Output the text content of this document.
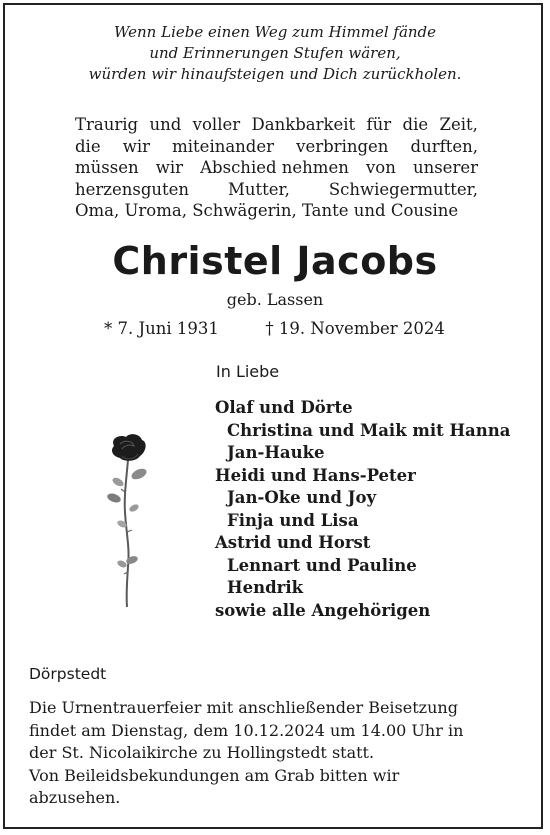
Wenn Liebe einen Weg zum Himmel fände
und Erinnerungen Stufen wären,
würden wir hinaufsteigen und Dich zurückholen.
Traurig und voller Dankbarkeit für die Zeit,
die wir miteinander verbringen durften,
müssen wir Abschied nehmen von unserer
herzensguten Mutter, Schwiegermutter,
Oma, Uroma, Schwägerin, Tante und Cousine
Christel Jacobs
geb. Lassen
* 7. Juni 1931	† 19. November 2024
In Liebe
Olaf und Dörte
Christina und Maik mit Hanna
Jan-Hauke
Heidi und Hans-Peter
Jan-Oke und Joy
Finja und Lisa
Astrid und Horst
Lennart und Pauline
Hendrik
sowie alle Angehörigen
Dörpstedt
Die Urnentrauerfeier mit anschließender Beisetzung
findet am Dienstag, dem 10.12.2024 um 14.00 Uhr in
der St. Nicolaikirche zu Hollingstedt statt.
Von Beileidsbekundungen am Grab bitten wir
abzusehen.
